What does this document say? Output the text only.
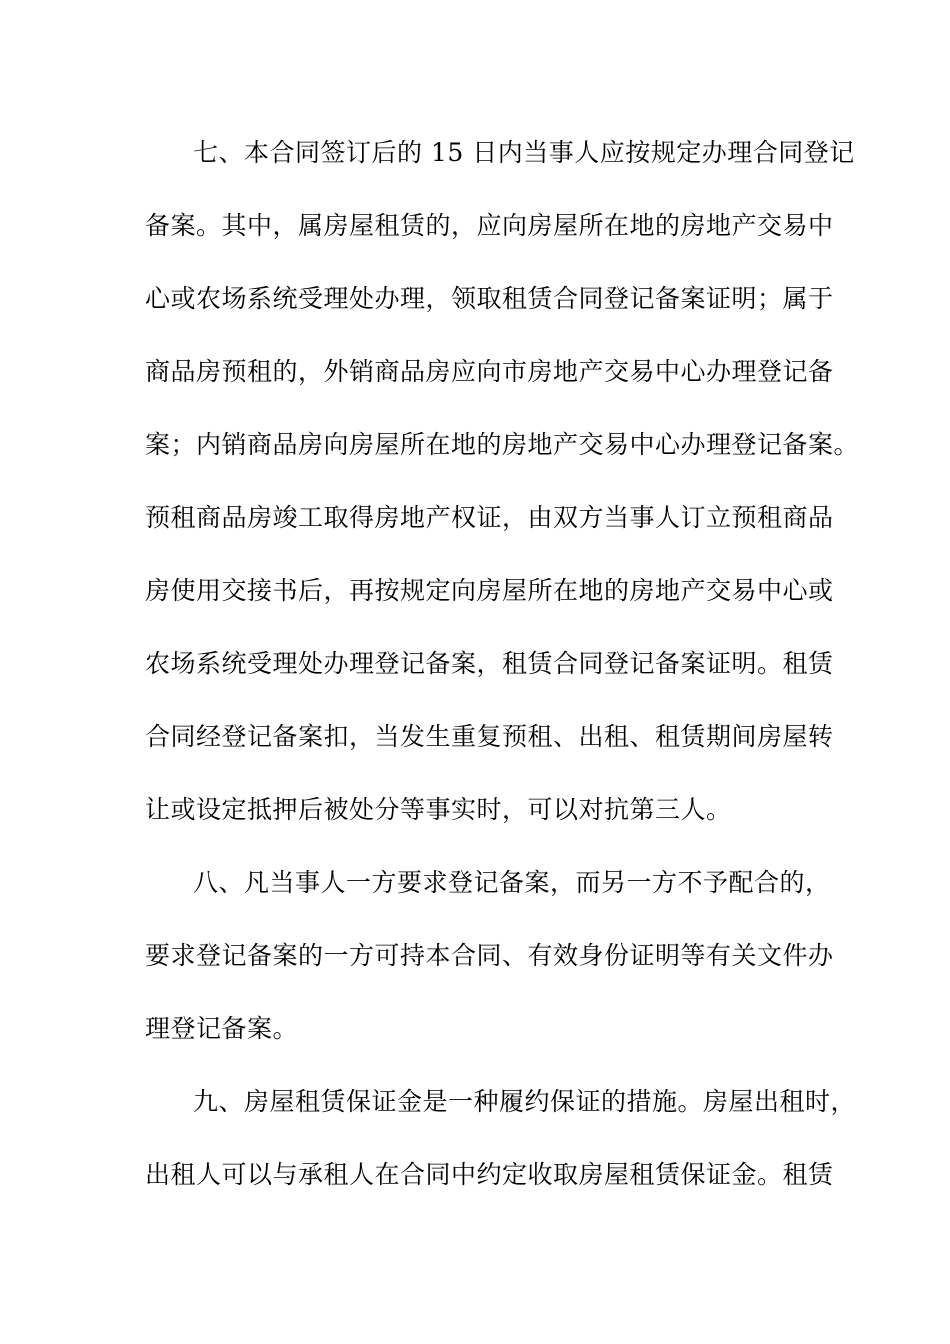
七、本合同签订后的 15 日内当事人应按规定办理合同登记
备案。其中，属房屋租赁的，应向房屋所在地的房地产交易中
心或农场系统受理处办理，领取租赁合同登记备案证明；属于
商品房预租的，外销商品房应向市房地产交易中心办理登记备
案；内销商品房向房屋所在地的房地产交易中心办理登记备案。
预租商品房竣工取得房地产权证，由双方当事人订立预租商品
房使用交接书后，再按规定向房屋所在地的房地产交易中心或
农场系统受理处办理登记备案，租赁合同登记备案证明。租赁
合同经登记备案扣，当发生重复预租、出租、租赁期间房屋转
让或设定抵押后被处分等事实时，可以对抗第三人。
八、凡当事人一方要求登记备案，而另一方不予配合的，
要求登记备案的一方可持本合同、有效身份证明等有关文件办
理登记备案。
九、房屋租赁保证金是一种履约保证的措施。房屋出租时，
出租人可以与承租人在合同中约定收取房屋租赁保证金。租赁
